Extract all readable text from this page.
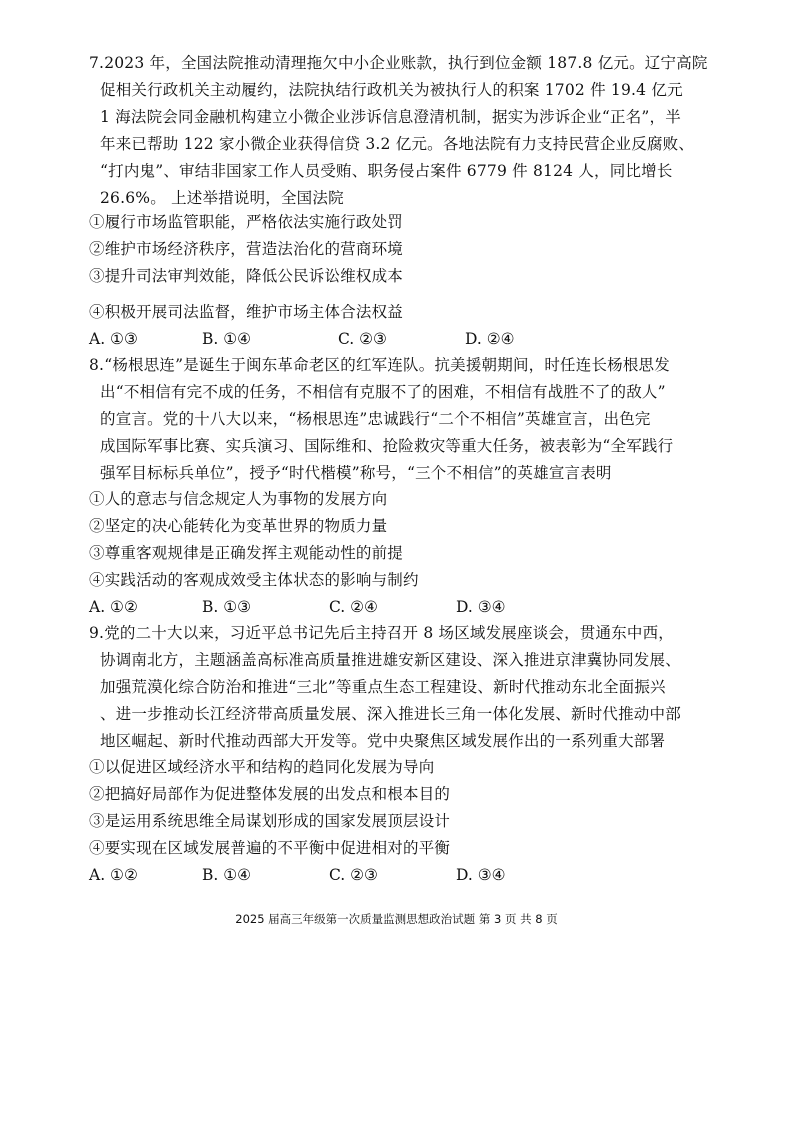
7.2023 年，全国法院推动清理拖欠中小企业账款，执行到位金额 187.8 亿元。辽宁高院
促相关行政机关主动履约，法院执结行政机关为被执行人的积案 1702 件 19.4 亿元
1 海法院会同金融机构建立小微企业涉诉信息澄清机制，据实为涉诉企业“正名”，半
年来已帮助 122 家小微企业获得信贷 3.2 亿元。各地法院有力支持民营企业反腐败、
“打内鬼”、审结非国家工作人员受贿、职务侵占案件 6779 件 8124 人，同比增长
26.6%。 上述举措说明，全国法院
①履行市场监管职能，严格依法实施行政处罚
②维护市场经济秩序，营造法治化的营商环境
③提升司法审判效能，降低公民诉讼维权成本
④积极开展司法监督，维护市场主体合法权益
A. ①③	B. ①④	C. ②③	D. ②④
8.“杨根思连”是诞生于闽东革命老区的红军连队。抗美援朝期间，时任连长杨根思发
出“不相信有完不成的任务，不相信有克服不了的困难，不相信有战胜不了的敌人”
的宣言。党的十八大以来，“杨根思连”忠诚践行“二个不相信”英雄宣言，出色完
成国际军事比赛、实兵演习、国际维和、抢险救灾等重大任务，被表彰为“全军践行
强军目标标兵单位”，授予“时代楷模”称号，“三个不相信”的英雄宣言表明
①人的意志与信念规定人为事物的发展方向
②坚定的决心能转化为变革世界的物质力量
③尊重客观规律是正确发挥主观能动性的前提
④实践活动的客观成效受主体状态的影响与制约
A. ①②	B. ①③	C. ②④	D. ③④
9.党的二十大以来，习近平总书记先后主持召开 8 场区域发展座谈会，贯通东中西，
协调南北方，主题涵盖高标准高质量推进雄安新区建设、深入推进京津冀协同发展、
加强荒漠化综合防治和推进“三北”等重点生态工程建设、新时代推动东北全面振兴
、进一步推动长江经济带高质量发展、深入推进长三角一体化发展、新时代推动中部
地区崛起、新时代推动西部大开发等。党中央聚焦区域发展作出的一系列重大部署
①以促进区域经济水平和结构的趋同化发展为导向
②把搞好局部作为促进整体发展的出发点和根本目的
③是运用系统思维全局谋划形成的国家发展顶层设计
④要实现在区域发展普遍的不平衡中促进相对的平衡
A. ①②	B. ①④	C. ②③	D. ③④
2025 届高三年级第一次质量监测思想政治试题 第 3 页 共 8 页
